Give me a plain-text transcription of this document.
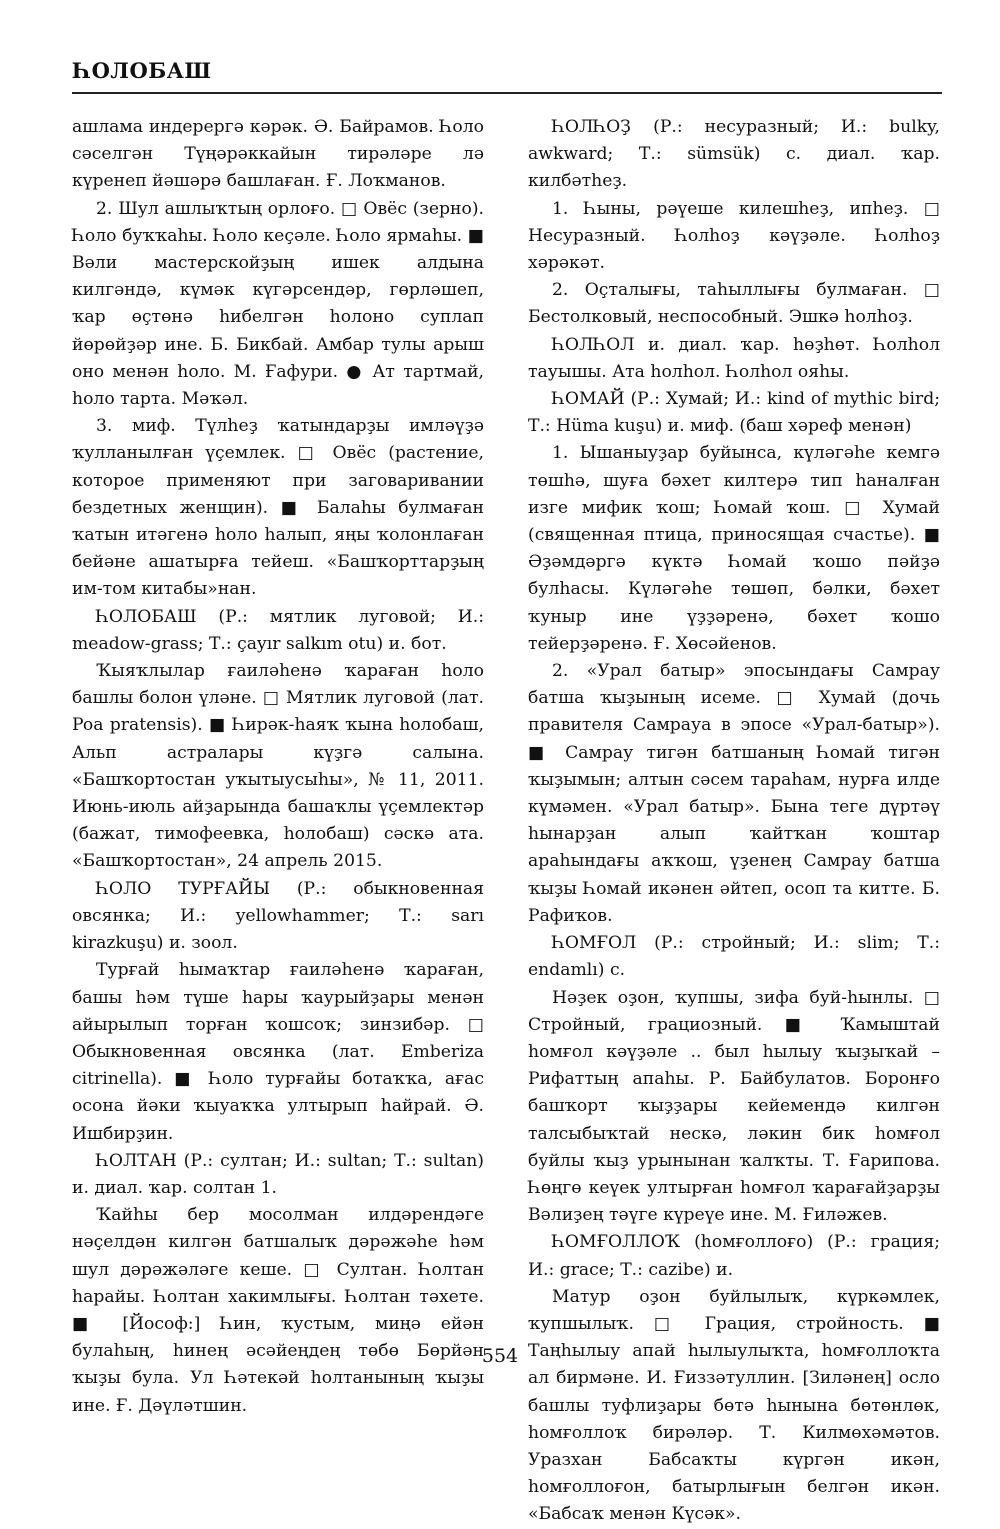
ҺОЛОБАШ

ашлама индерергә кәрәк. Ә. Байрамов. Һоло сәселгән Түңәрәккайын тирәләре лә күренеп йәшәрә башлаған. Ғ. Лоҡманов.

2. Шул ашлыҡтың орлоғо. □ Овёс (зерно). Һоло буҡҡаһы. Һоло кеҫәле. Һоло ярмаһы. ■ Вәли мастерскойҙың ишек алдына килгәндә, күмәк күгәрсендәр, гөрләшеп, ҡар өҫтөнә һибелгән һолоно суплап йөрөйҙәр ине. Б. Бикбай. Амбар тулы арыш оно менән һоло. М. Ғафури. ● Ат тартмай, һоло тарта. Мәҡәл.

3. миф. Түлһеҙ ҡатындарҙы имләүҙә ҡулланылған үҫемлек. □ Овёс (растение, которое применяют при заговаривании бездетных женщин). ■ Балаһы булмаған ҡатын итәгенә һоло һалып, яңы ҡолонлаған бейәне ашатырға тейеш. «Башҡорттарҙың им-том китабы»нан.

ҺОЛОБАШ (Р.: мятлик луговой; И.: meadow-grass; Т.: çayır salkım otu) и. бот.

Ҡыяҡлылар ғаиләһенә ҡараған һоло башлы болон үләне. □ Мятлик луговой (лат. Poa pratensis). ■ Һирәк-һаяҡ ҡына һолобаш, Альп астралары күҙгә салына. «Башҡортостан уҡытыусыһы», № 11, 2011. Июнь-июль айҙарында башаҡлы үҫемлектәр (бажат, тимофеевка, һолобаш) сәскә ата. «Башҡортостан», 24 апрель 2015.

ҺОЛО ТУРҒАЙЫ (Р.: обыкновенная овсянка; И.: yellowhammer; Т.: sarı kirazkuşu) и. зоол.

Турғай һымаҡтар ғаиләһенә ҡараған, башы һәм түше һары ҡаурыйҙары менән айырылып торған ҡошсоҡ; зинзибәр. □ Обыкновенная овсянка (лат. Emberiza citrinella). ■ Һоло турғайы ботаҡҡа, ағас осона йәки ҡыуаҡҡа ултырып һайрай. Ә. Ишбирҙин.

ҺОЛТАН (Р.: султан; И.: sultan; Т.: sultan) и. диал. ҡар. солтан 1.

Ҡайһы бер мосолман илдәрендәге нәҫелдән килгән батшалыҡ дәрәжәһе һәм шул дәрәжәләге кеше. □ Султан. Һолтан һарайы. Һолтан хакимлығы. Һолтан тәхете. ■ [Йософ:] Һин, ҡустым, миңә ейән булаһың, һинең әсәйеңдең төбө Бөрйән ҡыҙы була. Ул Һәтекәй һолтанының ҡыҙы ине. Ғ. Дәүләтшин.

ҺОЛҺОҘ (Р.: несуразный; И.: bulky, awkward; Т.: sümsük) с. диал. ҡар. килбәтһеҙ.

1. Һыны, рәүеше килешһеҙ, ипһеҙ. □ Несуразный. Һолһоҙ кәүҙәле. Һолһоҙ хәрәкәт.

2. Оҫталығы, таһыллығы булмаған. □ Бестолковый, неспособный. Эшкә һолһоҙ.

ҺОЛҺОЛ и. диал. ҡар. һөҙһөт. Һолһол тауышы. Ата һолһол. Һолһол ояһы.

ҺОМАЙ (Р.: Хумай; И.: kind of mythic bird; Т.: Hüma kuşu) и. миф. (баш хәреф менән)

1. Ышаныуҙар буйынса, күләгәһе кемгә төшһә, шуға бәхет килтерә тип һаналған изге мифик ҡош; Һомай ҡош. □ Хумай (священная птица, приносящая счастье). ■ Әҙәмдәргә күктә Һомай ҡошо пәйҙә булһасы. Күләгәһе төшөп, бәлки, бәхет ҡуныр ине үҙҙәренә, бәхет ҡошо тейерҙәренә. Ғ. Хөсәйенов.

2. «Урал батыр» эпосындағы Самрау батша ҡыҙының исеме. □ Хумай (дочь правителя Самрауа в эпосе «Урал-батыр»). ■ Самрау тигән батшаның Һомай тигән ҡыҙымын; алтын сәсем тараһам, нурға илде күмәмен. «Урал батыр». Бына теге дүртәү һынарҙан алып ҡайтҡан ҡоштар араһындағы аҡҡош, үҙенең Самрау батша ҡыҙы Һомай икәнен әйтеп, осоп та китте. Б. Рафиҡов.

ҺОМҒОЛ (Р.: стройный; И.: slim; Т.: endamlı) с.

Нәҙек оҙон, ҡупшы, зифа буй-һынлы. □ Стройный, грациозный. ■ Ҡамыштай һомғол кәүҙәле .. был һылыу ҡыҙыҡай – Рифаттың апаһы. Р. Байбулатов. Боронғо башҡорт ҡыҙҙары кейемендә килгән талсыбыҡтай нескә, ләкин бик һомғол буйлы ҡыҙ урынынан ҡалҡты. Т. Ғарипова. Һөңгө кеүек ултырған һомғол ҡарағайҙарҙы Вәлиҙең тәүге күреүе ине. М. Ғиләжев.

ҺОМҒОЛЛОҠ (һомғоллоғо) (Р.: грация; И.: grace; Т.: cazibe) и.

Матур оҙон буйлылыҡ, күркәмлек, ҡупшылыҡ. □ Грация, стройность. ■ Таңһылыу апай һылыулыҡта, һомғоллоҡта ал бирмәне. И. Ғиззәтуллин. [Зиләнең] осло башлы туфлиҙары бөтә һынына бөтөнлөк, һомғоллоҡ бирәләр. Т. Килмөхәмәтов. Уразхан Бабсаҡты күргән икән, һомғоллоғон, батырлығын белгән икән. «Бабсаҡ менән Күсәк».

554
